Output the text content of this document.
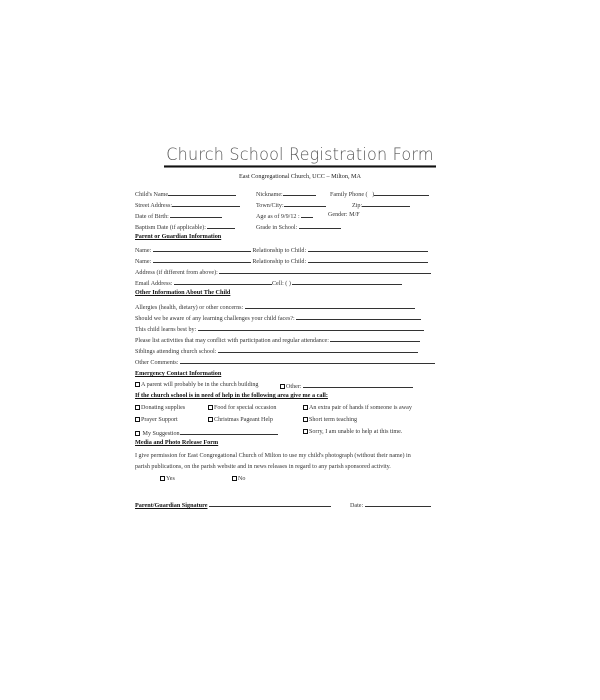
Church School Registration Form
East Congregational Church, UCC – Milton, MA
Child's Name	Nickname:	Family Phone ( )
Street Address:	Town/City:	Zip:
Date of Birth:	Age as of 9/9/12 :	Gender: M/F
Baptism Date (if applicable):	Grade in School:
Parent or Guardian Information
Name:	Relationship to Child:
Name:	Relationship to Child:
Address (if different from above):
Email Address:	Cell: ( )
Other Information About The Child
Allergies (health, dietary) or other concerns:
Should we be aware of any learning challenges your child faces?:
This child learns best by:
Please list activities that may conflict with participation and regular attendance:
Siblings attending church school:
Other Comments:
Emergency Contact Information
A parent will probably be in the church building	Other:
If the church school is in need of help in the following area give me a call:
Donating supplies	Food for special occasion	An extra pair of hands if someone is away
Prayer Support	Christmas Pageant Help	Short term teaching
My Suggestion	Sorry, I am unable to help at this time.
Media and Photo Release Form
I give permission for East Congregational Church of Milton to use my child's photograph (without their name) in
parish publications, on the parish website and in news releases in regard to any parish sponsored activity.
Yes	No
Parent/Guardian Signature	Date:
